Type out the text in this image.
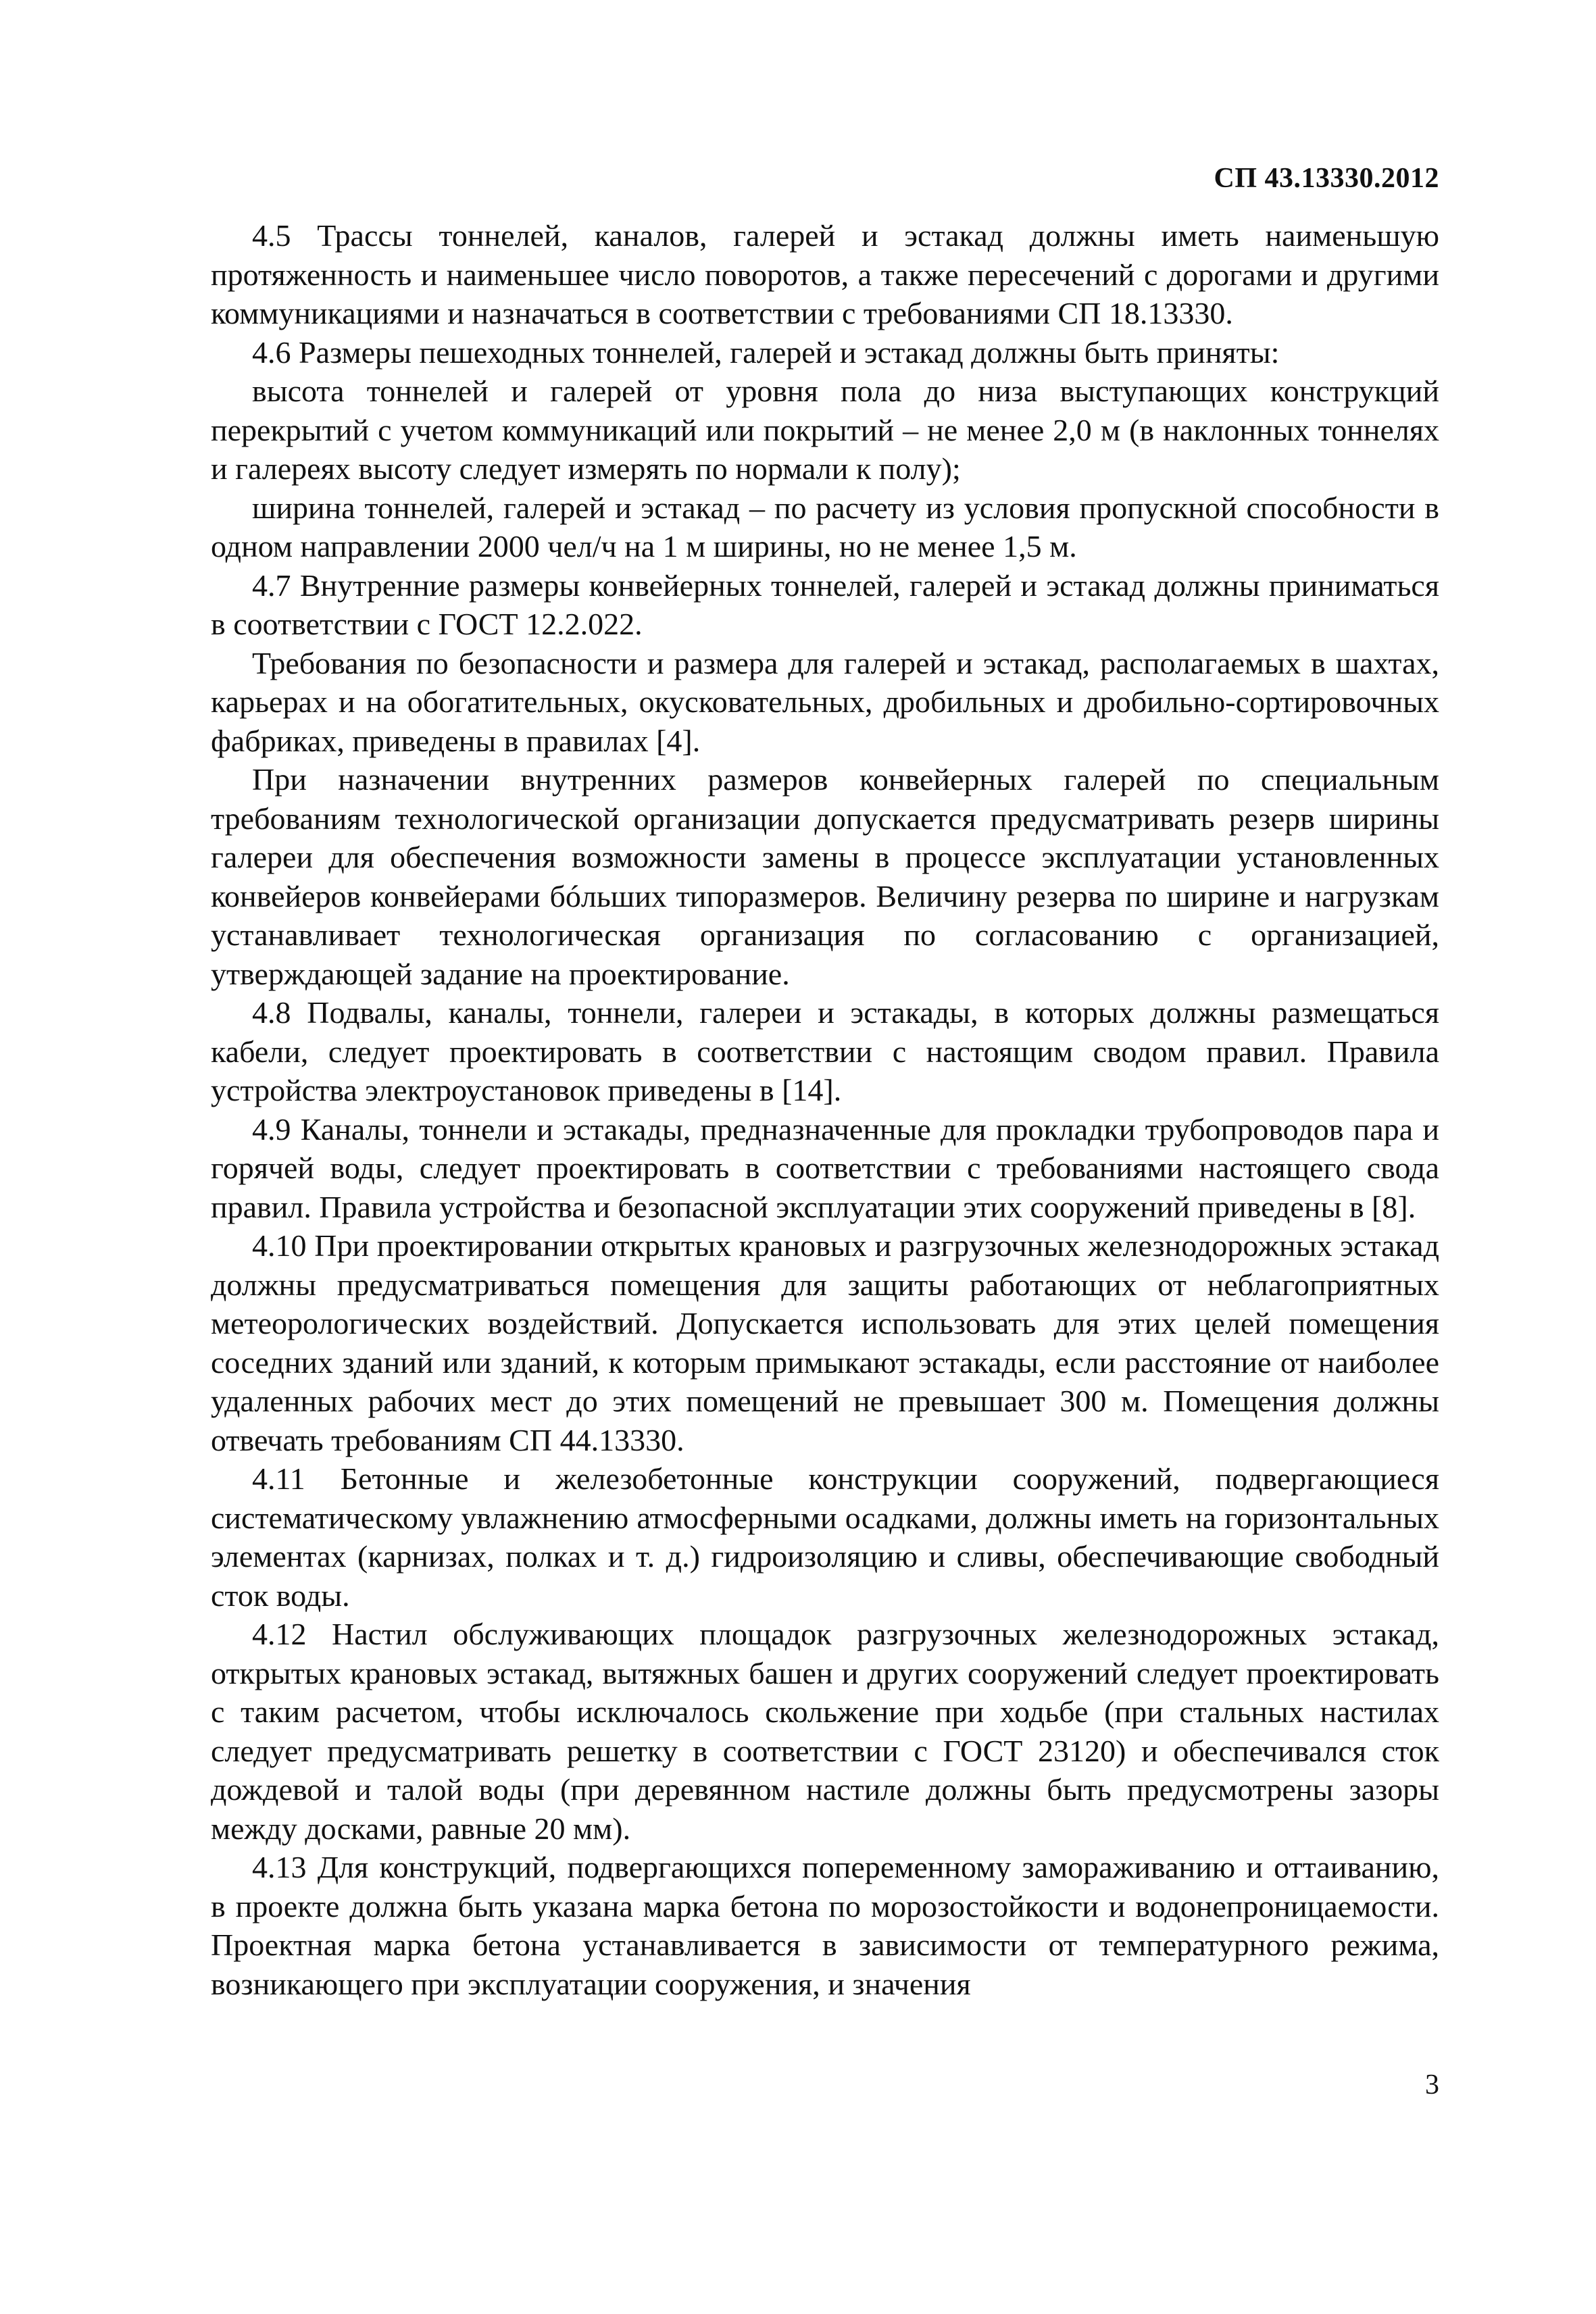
СП 43.13330.2012

4.5 Трассы тоннелей, каналов, галерей и эстакад должны иметь наименьшую протяженность и наименьшее число поворотов, а также пересечений с дорогами и другими коммуникациями и назначаться в соответствии с требованиями СП 18.13330.

4.6 Размеры пешеходных тоннелей, галерей и эстакад должны быть приняты:

высота тоннелей и галерей от уровня пола до низа выступающих конструкций перекрытий с учетом коммуникаций или покрытий – не менее 2,0 м (в наклонных тоннелях и галереях высоту следует измерять по нормали к полу);

ширина тоннелей, галерей и эстакад – по расчету из условия пропускной способности в одном направлении 2000 чел/ч на 1 м ширины, но не менее 1,5 м.

4.7 Внутренние размеры конвейерных тоннелей, галерей и эстакад должны приниматься в соответствии с ГОСТ 12.2.022.

Требования по безопасности и размера для галерей и эстакад, располагаемых в шахтах, карьерах и на обогатительных, окусковательных, дробильных и дробильно-сортировочных фабриках, приведены в правилах [4].

При назначении внутренних размеров конвейерных галерей по специальным требованиям технологической организации допускается предусматривать резерв ширины галереи для обеспечения возможности замены в процессе эксплуатации установленных конвейеров конвейерами бóльших типоразмеров. Величину резерва по ширине и нагрузкам устанавливает технологическая организация по согласованию с организацией, утверждающей задание на проектирование.

4.8 Подвалы, каналы, тоннели, галереи и эстакады, в которых должны размещаться кабели, следует проектировать в соответствии с настоящим сводом правил. Правила устройства электроустановок приведены в [14].

4.9 Каналы, тоннели и эстакады, предназначенные для прокладки трубопроводов пара и горячей воды, следует проектировать в соответствии с требованиями настоящего свода правил. Правила устройства и безопасной эксплуатации этих сооружений приведены в [8].

4.10 При проектировании открытых крановых и разгрузочных железнодорожных эстакад должны предусматриваться помещения для защиты работающих от неблагоприятных метеорологических воздействий. Допускается использовать для этих целей помещения соседних зданий или зданий, к которым примыкают эстакады, если расстояние от наиболее удаленных рабочих мест до этих помещений не превышает 300 м. Помещения должны отвечать требованиям СП 44.13330.

4.11 Бетонные и железобетонные конструкции сооружений, подвергающиеся систематическому увлажнению атмосферными осадками, должны иметь на горизонтальных элементах (карнизах, полках и т. д.) гидроизоляцию и сливы, обеспечивающие свободный сток воды.

4.12 Настил обслуживающих площадок разгрузочных железнодорожных эстакад, открытых крановых эстакад, вытяжных башен и других сооружений следует проектировать с таким расчетом, чтобы исключалось скольжение при ходьбе (при стальных настилах следует предусматривать решетку в соответствии с ГОСТ 23120) и обеспечивался сток дождевой и талой воды (при деревянном настиле должны быть предусмотрены зазоры между досками, равные 20 мм).

4.13 Для конструкций, подвергающихся попеременному замораживанию и оттаиванию, в проекте должна быть указана марка бетона по морозостойкости и водонепроницаемости. Проектная марка бетона устанавливается в зависимости от температурного режима, возникающего при эксплуатации сооружения, и значения

3
